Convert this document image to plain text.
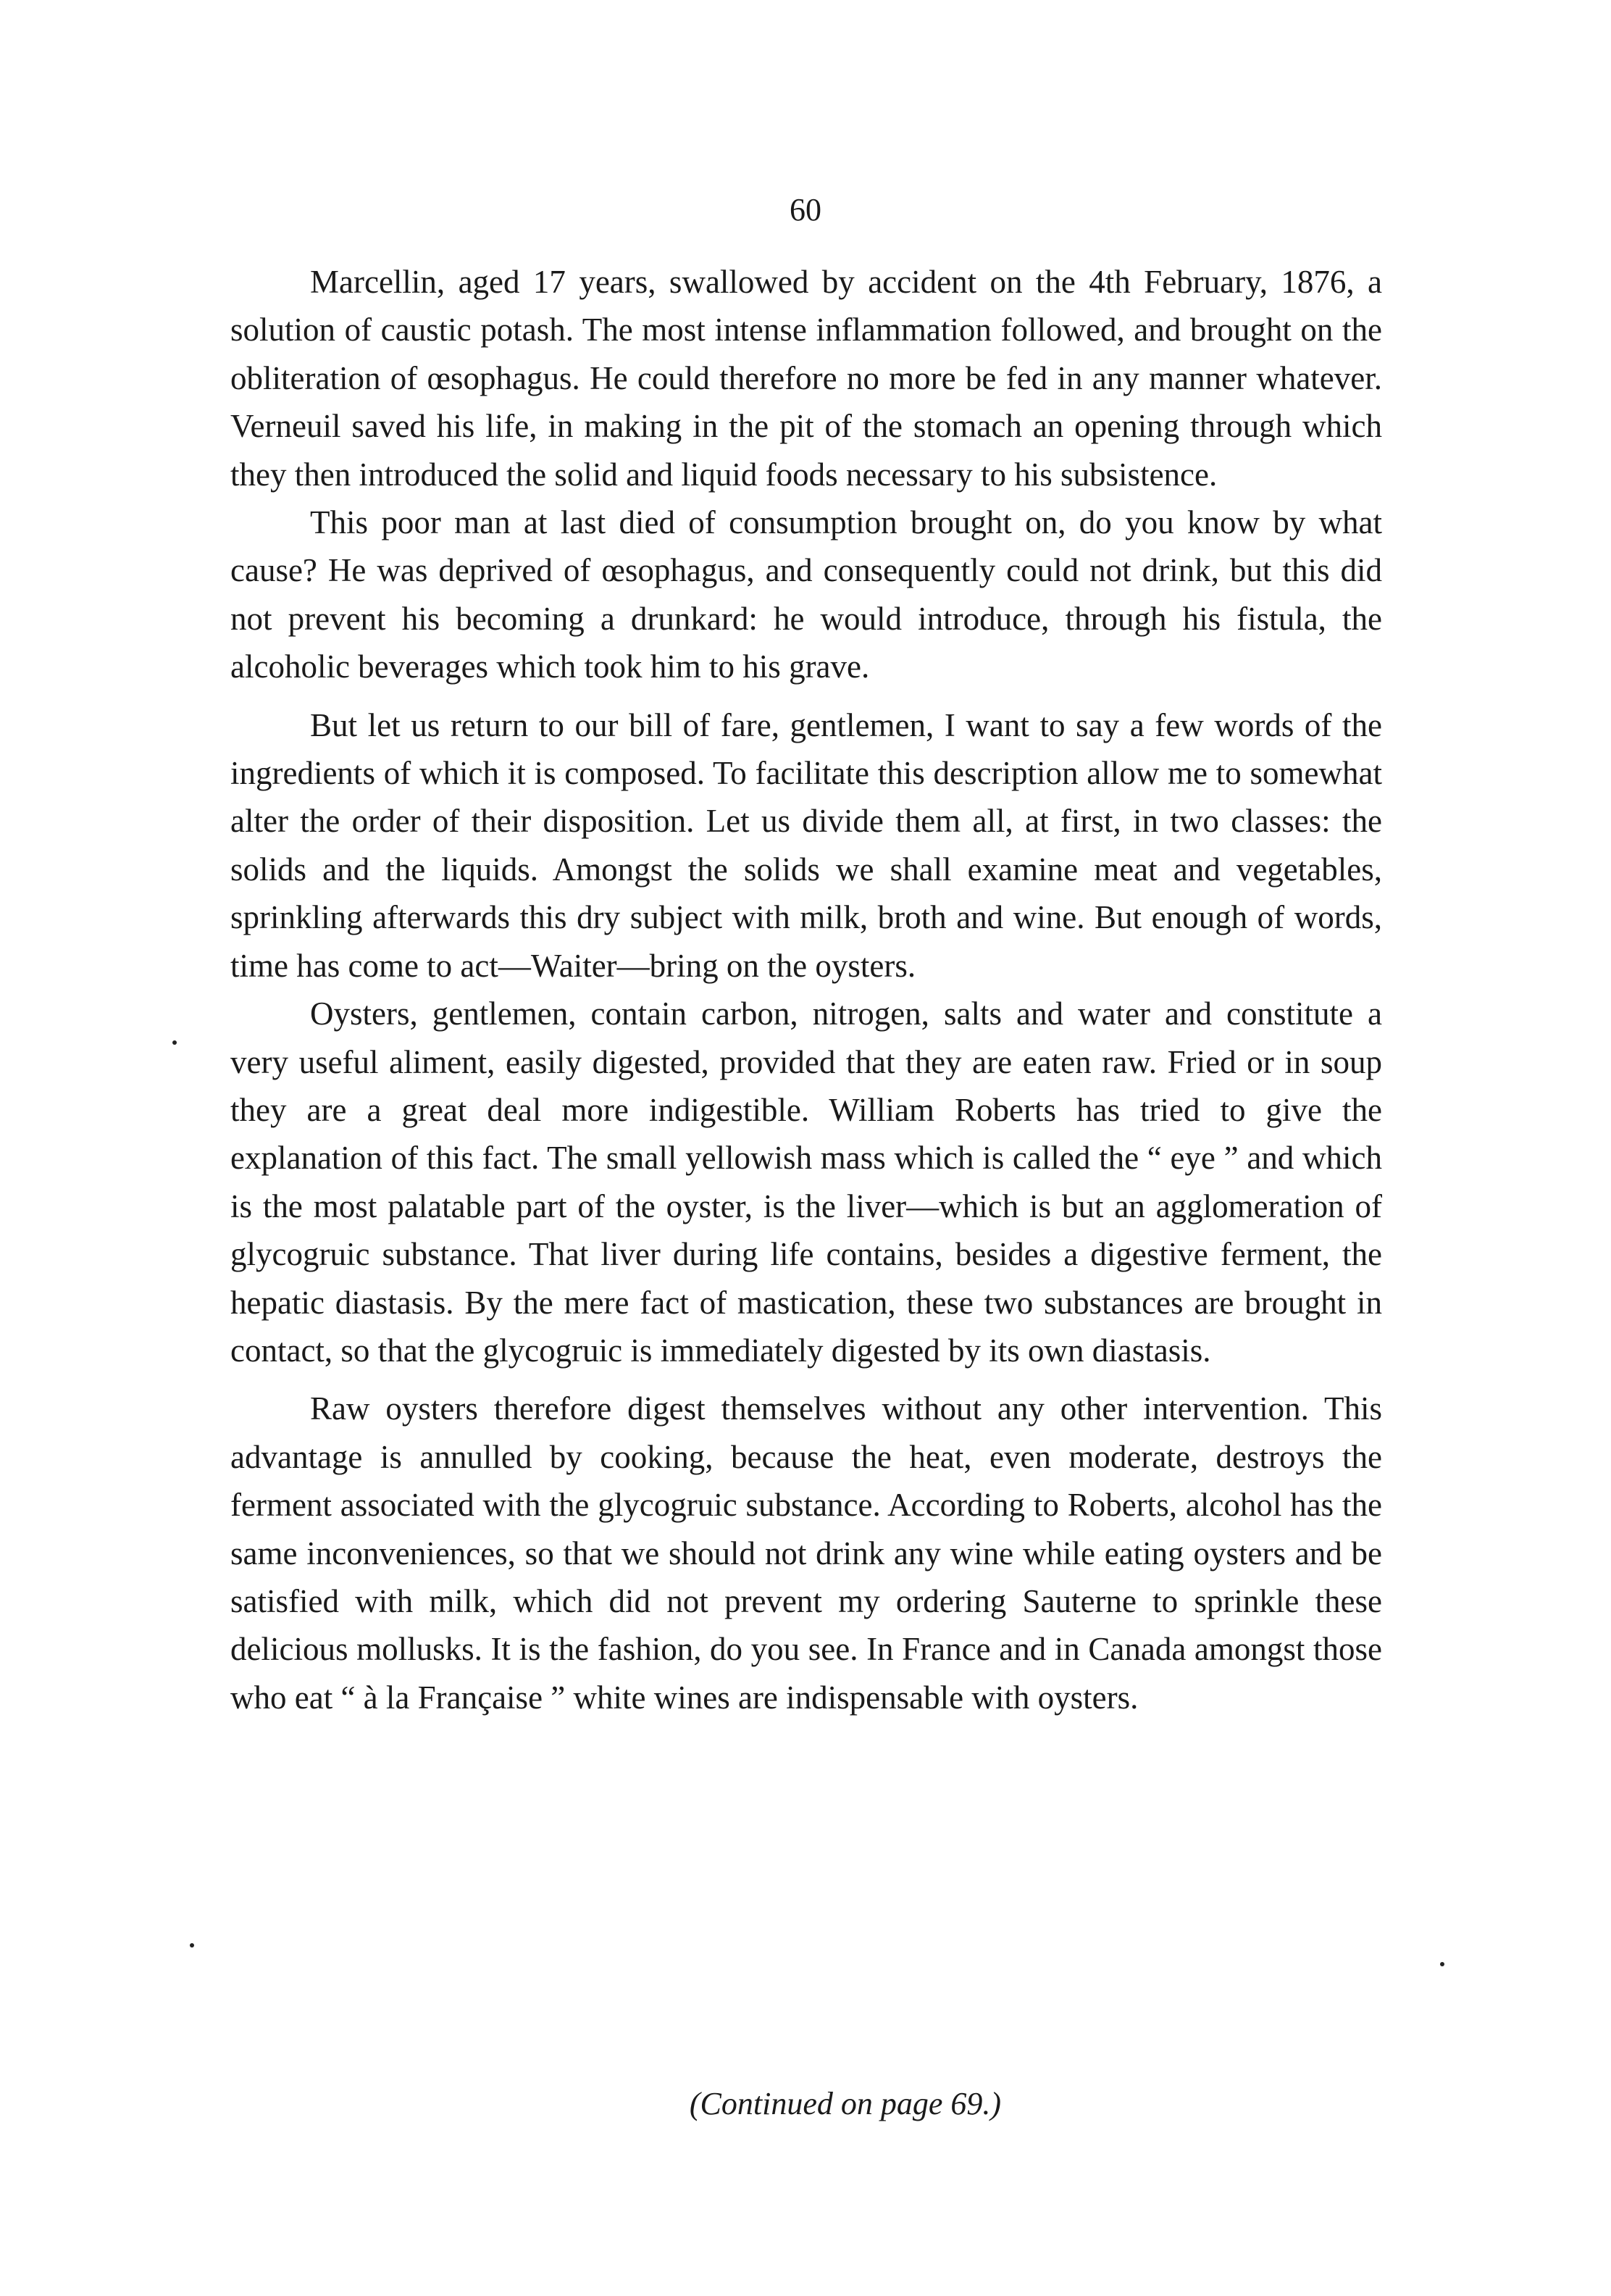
60

Marcellin, aged 17 years, swallowed by accident on the 4th February, 1876, a solution of caustic potash. The most intense inflammation followed, and brought on the obliteration of œsophagus. He could therefore no more be fed in any manner whatever. Verneuil saved his life, in making in the pit of the stomach an opening through which they then introduced the solid and liquid foods necessary to his subsistence.

This poor man at last died of consumption brought on, do you know by what cause? He was deprived of œsophagus, and consequently could not drink, but this did not prevent his becoming a drunkard: he would introduce, through his fistula, the alcoholic beverages which took him to his grave.

But let us return to our bill of fare, gentlemen, I want to say a few words of the ingredients of which it is composed. To facilitate this description allow me to somewhat alter the order of their disposition. Let us divide them all, at first, in two classes: the solids and the liquids. Amongst the solids we shall examine meat and vegetables, sprinkling afterwards this dry subject with milk, broth and wine. But enough of words, time has come to act—Waiter—bring on the oysters.

Oysters, gentlemen, contain carbon, nitrogen, salts and water and constitute a very useful aliment, easily digested, provided that they are eaten raw. Fried or in soup they are a great deal more indigestible. William Roberts has tried to give the explanation of this fact. The small yellowish mass which is called the “ eye ” and which is the most palatable part of the oyster, is the liver—which is but an agglomeration of glycogruic substance. That liver during life contains, besides a digestive ferment, the hepatic diastasis. By the mere fact of mastication, these two substances are brought in contact, so that the glycogruic is immediately digested by its own diastasis.

Raw oysters therefore digest themselves without any other intervention. This advantage is annulled by cooking, because the heat, even moderate, destroys the ferment associated with the glycogruic substance. According to Roberts, alcohol has the same inconveniences, so that we should not drink any wine while eating oysters and be satisfied with milk, which did not prevent my ordering Sauterne to sprinkle these delicious mollusks. It is the fashion, do you see. In France and in Canada amongst those who eat “ à la Française ” white wines are indispensable with oysters.

(Continued on page 69.)
